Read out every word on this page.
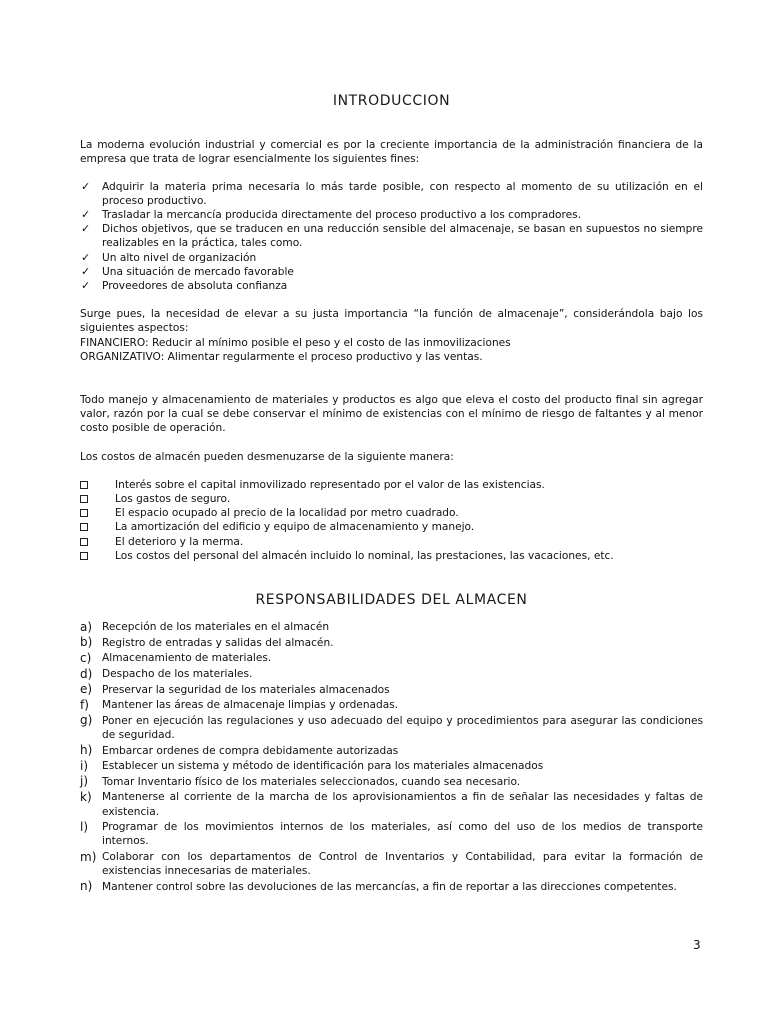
INTRODUCCION

La moderna evolución industrial y comercial es por la creciente importancia de la administración financiera de la empresa que trata de lograr esencialmente los siguientes fines:

✓ Adquirir la materia prima necesaria lo más tarde posible, con respecto al momento de su utilización en el proceso productivo.
✓ Trasladar la mercancía producida directamente del proceso productivo a los compradores.
✓ Dichos objetivos, que se traducen en una reducción sensible del almacenaje, se basan en supuestos no siempre realizables en la práctica, tales como.
✓ Un alto nivel de organización
✓ Una situación de mercado favorable
✓ Proveedores de absoluta confianza

Surge pues, la necesidad de elevar a su justa importancia “la función de almacenaje”, considerándola bajo los siguientes aspectos:
FINANCIERO: Reducir al mínimo posible el peso y el costo de las inmovilizaciones
ORGANIZATIVO: Alimentar regularmente el proceso productivo y las ventas.

Todo manejo y almacenamiento de materiales y productos es algo que eleva el costo del producto final sin agregar valor, razón por la cual se debe conservar el mínimo de existencias con el mínimo de riesgo de faltantes y al menor costo posible de operación.

Los costos de almacén pueden desmenuzarse de la siguiente manera:

Interés sobre el capital inmovilizado representado por el valor de las existencias.
Los gastos de seguro.
El espacio ocupado al precio de la localidad por metro cuadrado.
La amortización del edificio y equipo de almacenamiento y manejo.
El deterioro y la merma.
Los costos del personal del almacén incluido lo nominal, las prestaciones, las vacaciones, etc.
RESPONSABILIDADES DEL ALMACEN
a) Recepción de los materiales en el almacén
b) Registro de entradas y salidas del almacén.
c) Almacenamiento de materiales.
d) Despacho de los materiales.
e) Preservar la seguridad de los materiales almacenados
f) Mantener las áreas de almacenaje limpias y ordenadas.
g) Poner en ejecución las regulaciones y uso adecuado del equipo y procedimientos para asegurar las condiciones de seguridad.
h) Embarcar ordenes de compra debidamente autorizadas
i) Establecer un sistema y método de identificación para los materiales almacenados
j) Tomar Inventario físico de los materiales seleccionados, cuando sea necesario.
k) Mantenerse al corriente de la marcha de los aprovisionamientos a fin de señalar las necesidades y faltas de existencia.
l) Programar de los movimientos internos de los materiales, así como del uso de los medios de transporte internos.
m) Colaborar con los departamentos de Control de Inventarios y Contabilidad, para evitar la formación de existencias innecesarias de materiales.
n) Mantener control sobre las devoluciones de las mercancías, a fin de reportar a las direcciones competentes.
3
